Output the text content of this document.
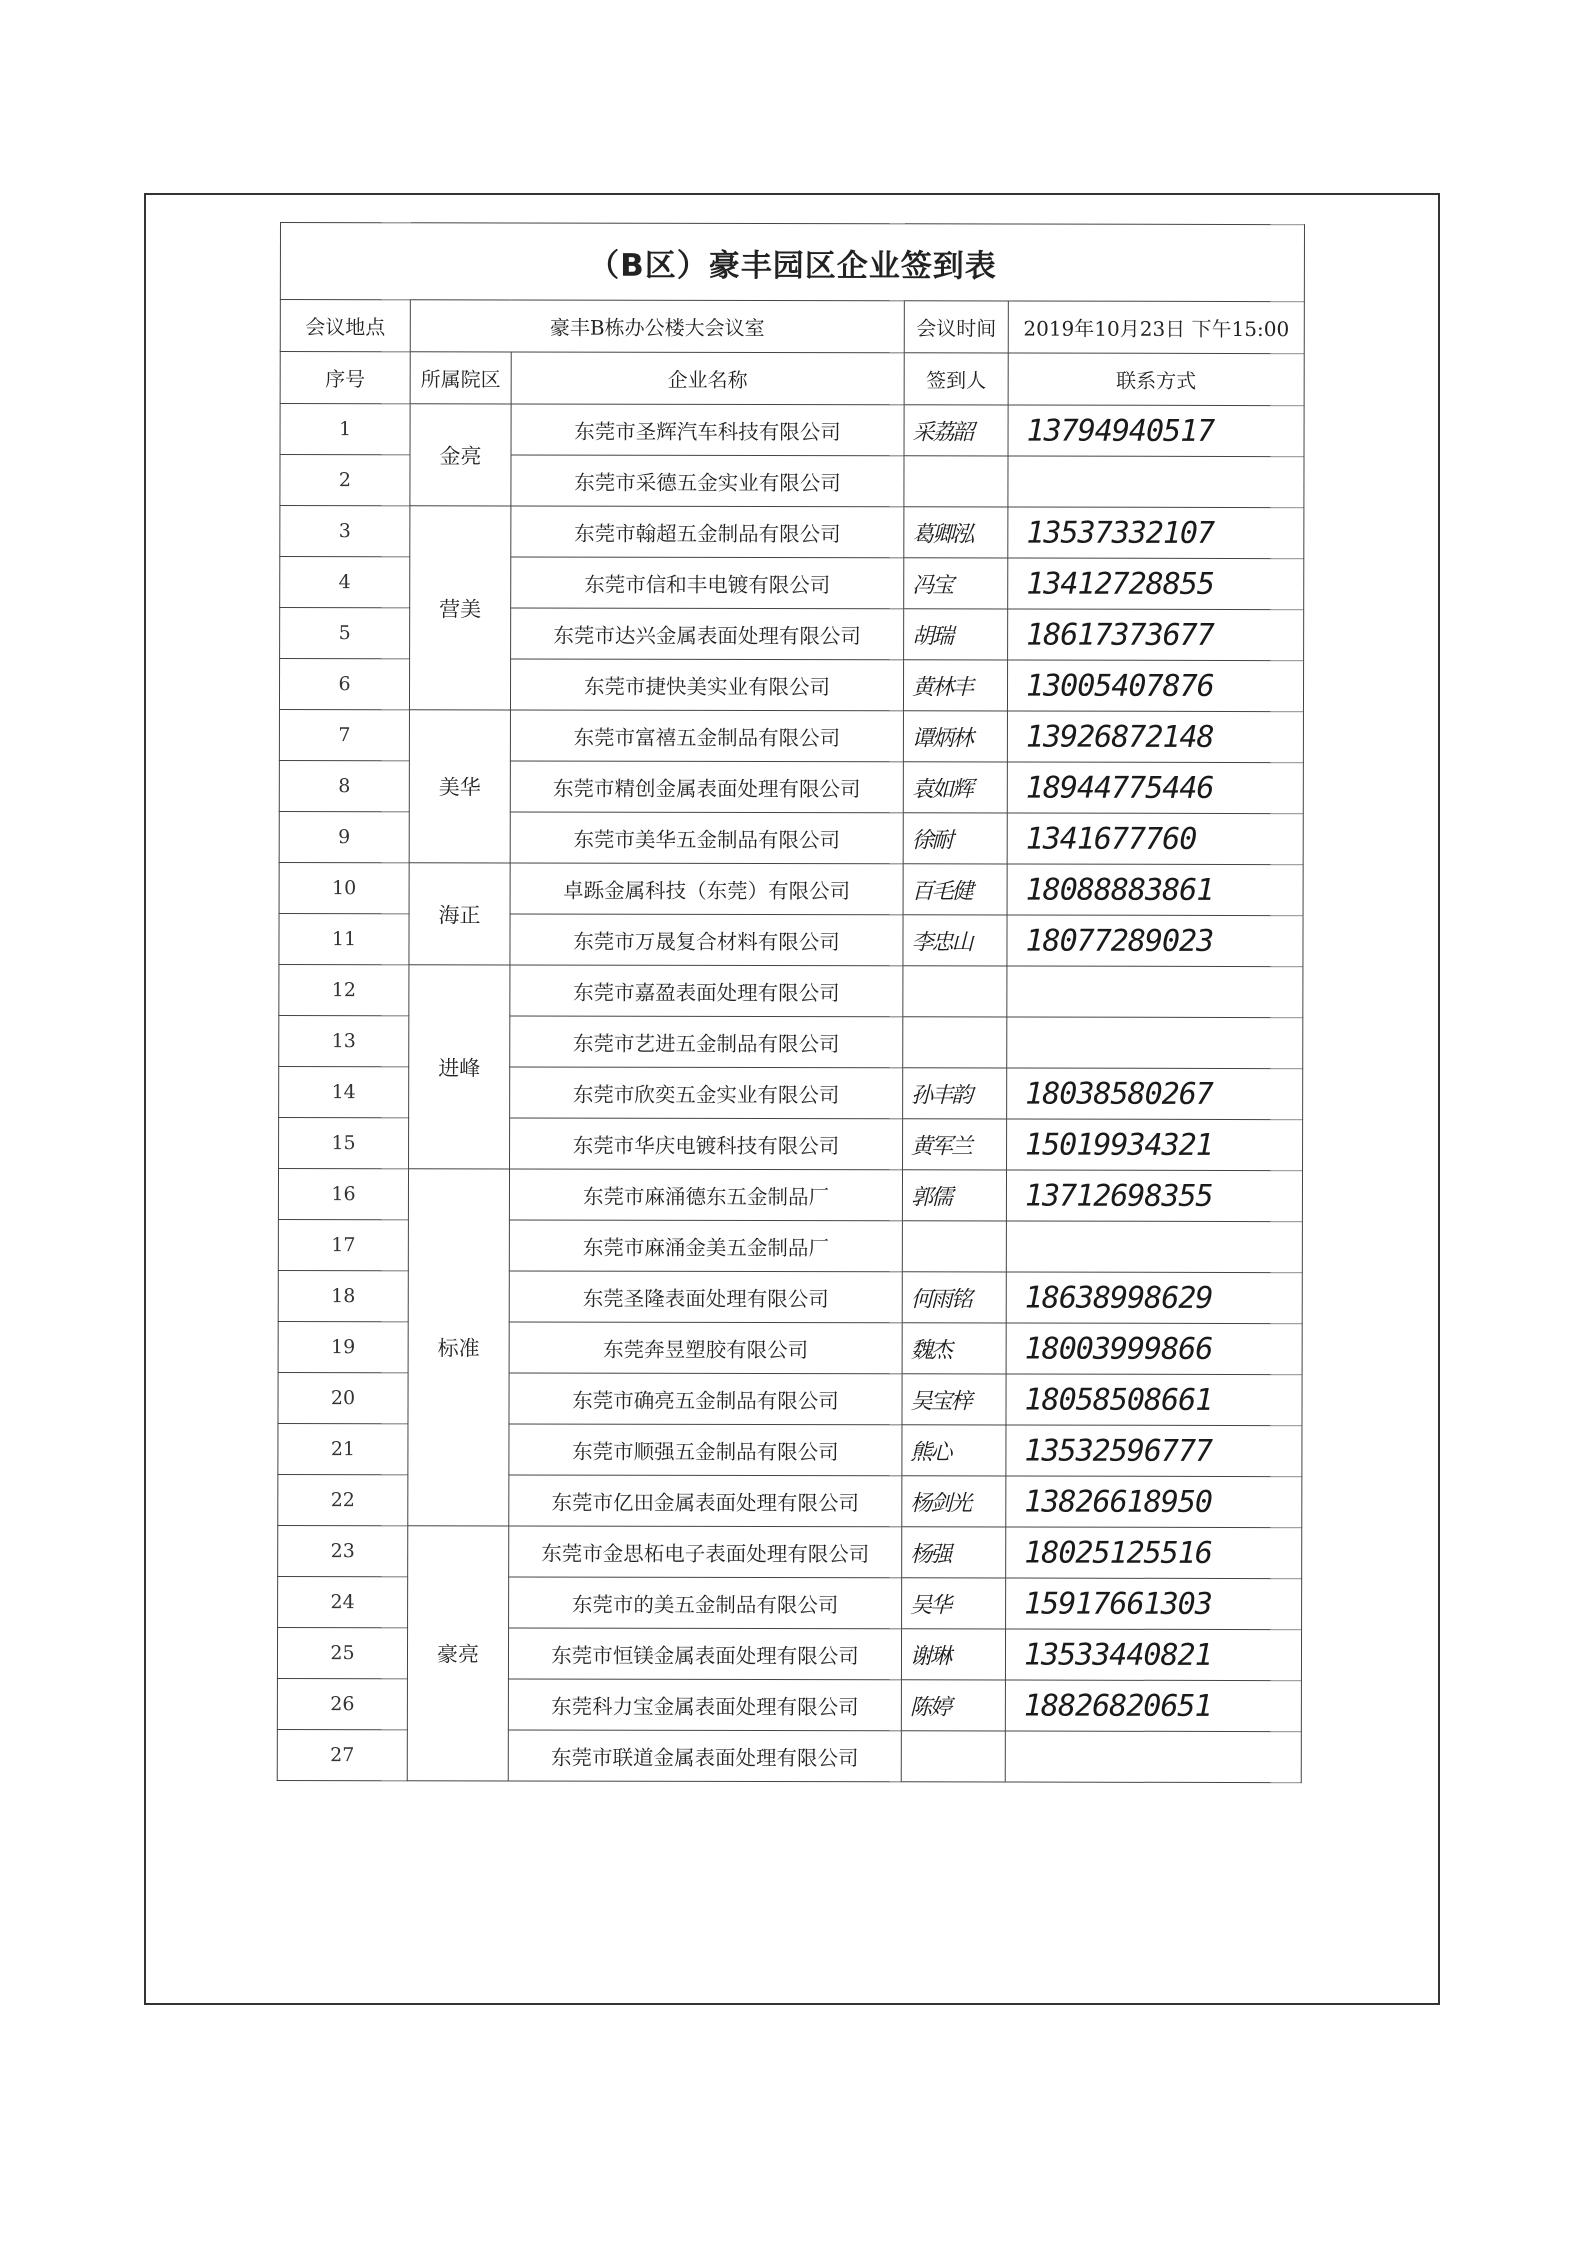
（B区）豪丰园区企业签到表				
会议地点	豪丰B栋办公楼大会议室		会议时间	2019年10月23日 下午15:00
序号	所属院区	企业名称	签到人	联系方式
1	金亮	东莞市圣辉汽车科技有限公司	采荔韶	13794940517
2		东莞市采德五金实业有限公司		
3	营美	东莞市翰超五金制品有限公司	葛卿泓	13537332107
4		东莞市信和丰电镀有限公司	冯宝	13412728855
5		东莞市达兴金属表面处理有限公司	胡瑞	18617373677
6		东莞市捷快美实业有限公司	黄林丰	13005407876
7	美华	东莞市富禧五金制品有限公司	谭炳林	13926872148
8		东莞市精创金属表面处理有限公司	袁如辉	18944775446
9		东莞市美华五金制品有限公司	徐耐	1341677760
10	海正	卓跞金属科技（东莞）有限公司	百毛健	18088883861
11		东莞市万晟复合材料有限公司	李忠山	18077289023
12	进峰	东莞市嘉盈表面处理有限公司		
13		东莞市艺进五金制品有限公司		
14		东莞市欣奕五金实业有限公司	孙丰韵	18038580267
15		东莞市华庆电镀科技有限公司	黄军兰	15019934321
16	标准	东莞市麻涌德东五金制品厂	郭儒	13712698355
17		东莞市麻涌金美五金制品厂		
18		东莞圣隆表面处理有限公司	何雨铭	18638998629
19		东莞奔昱塑胶有限公司	魏杰	18003999866
20		东莞市确亮五金制品有限公司	吴宝梓	18058508661
21		东莞市顺强五金制品有限公司	熊心	13532596777
22		东莞市亿田金属表面处理有限公司	杨剑光	13826618950
23	豪亮	东莞市金思柘电子表面处理有限公司	杨强	18025125516
24		东莞市的美五金制品有限公司	吴华	15917661303
25		东莞市恒镁金属表面处理有限公司	谢琳	13533440821
26		东莞科力宝金属表面处理有限公司	陈婷	18826820651
27		东莞市联道金属表面处理有限公司		
